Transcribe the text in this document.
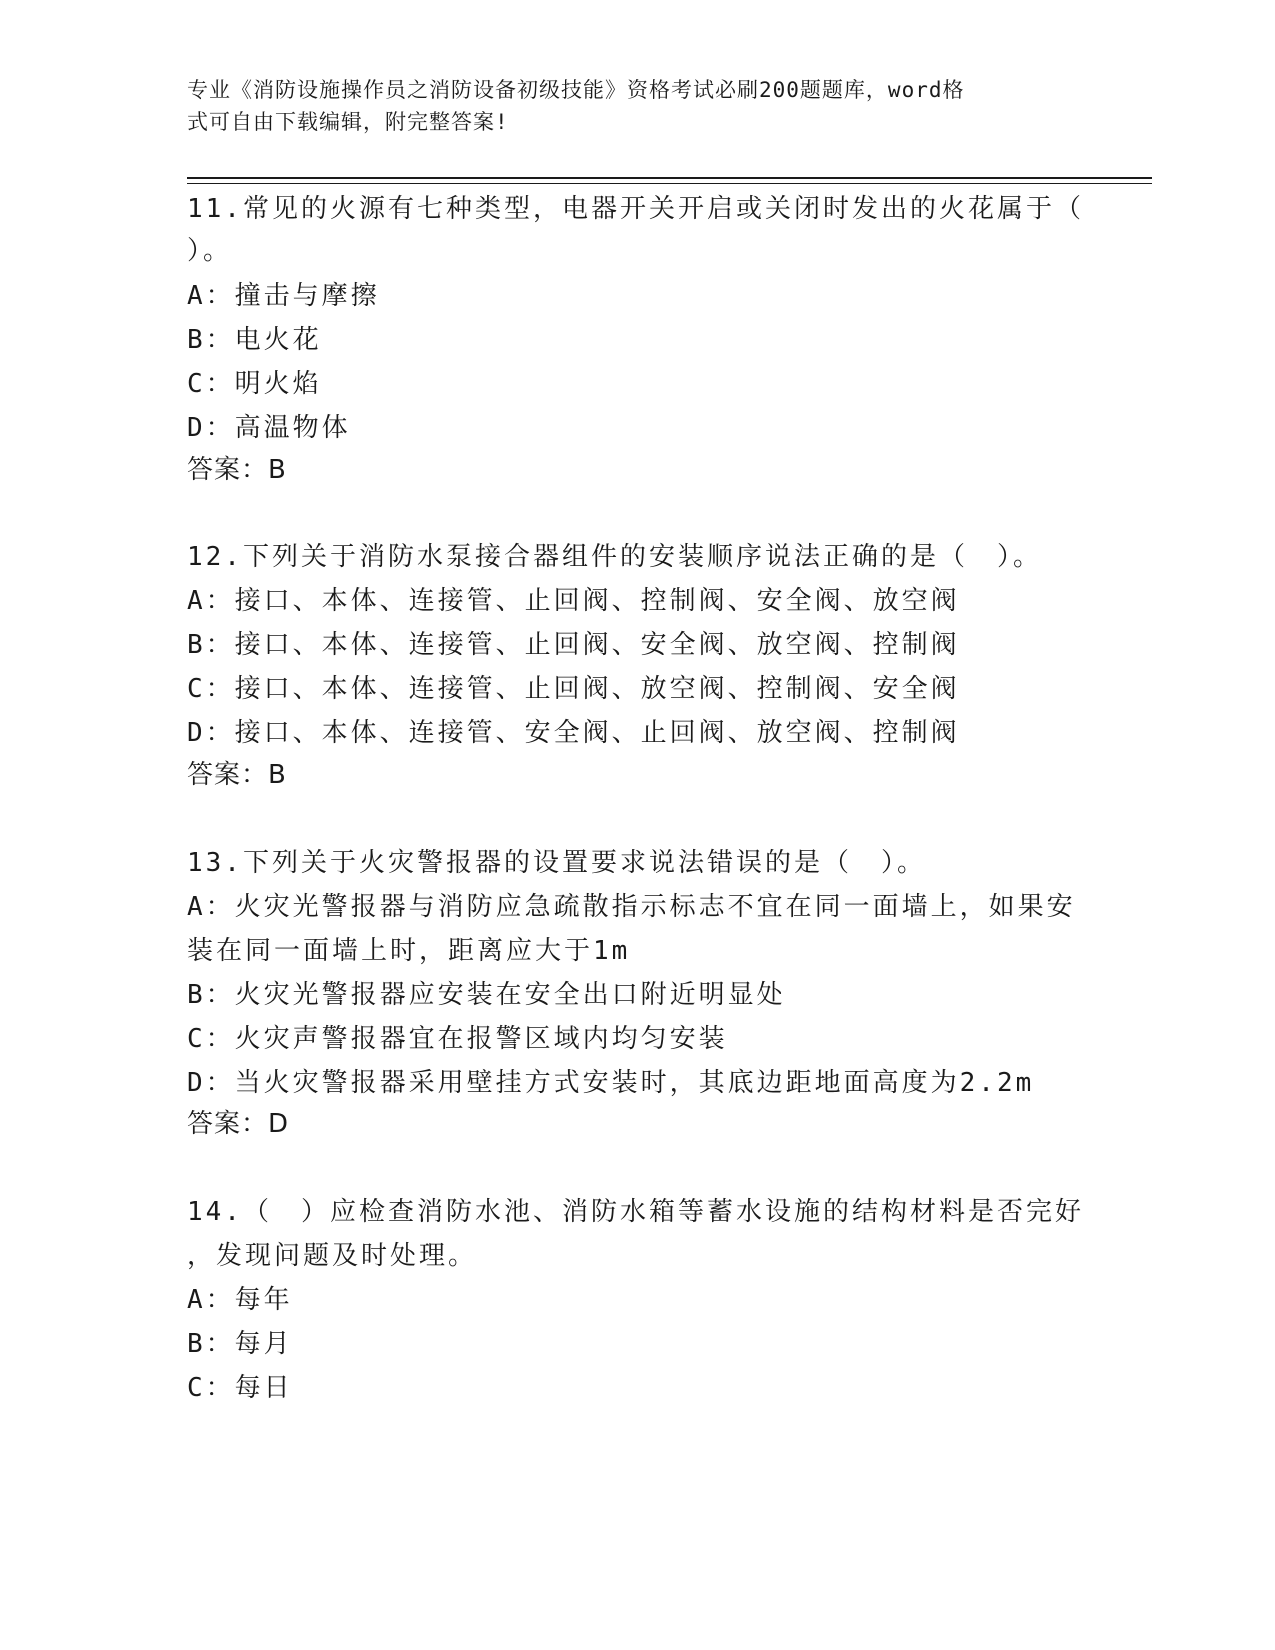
专业《消防设施操作员之消防设备初级技能》资格考试必刷200题题库，word格
式可自由下载编辑，附完整答案!
11.常见的火源有七种类型，电器开关开启或关闭时发出的火花属于（
）。
A：撞击与摩擦
B：电火花
C：明火焰
D：高温物体
答案：B
12.下列关于消防水泵接合器组件的安装顺序说法正确的是（　）。
A：接口、本体、连接管、止回阀、控制阀、安全阀、放空阀
B：接口、本体、连接管、止回阀、安全阀、放空阀、控制阀
C：接口、本体、连接管、止回阀、放空阀、控制阀、安全阀
D：接口、本体、连接管、安全阀、止回阀、放空阀、控制阀
答案：B
13.下列关于火灾警报器的设置要求说法错误的是（　）。
A：火灾光警报器与消防应急疏散指示标志不宜在同一面墙上，如果安
装在同一面墙上时，距离应大于1m
B：火灾光警报器应安装在安全出口附近明显处
C：火灾声警报器宜在报警区域内均匀安装
D：当火灾警报器采用壁挂方式安装时，其底边距地面高度为2.2m
答案：D
14.（　）应检查消防水池、消防水箱等蓄水设施的结构材料是否完好
，发现问题及时处理。
A：每年
B：每月
C：每日
